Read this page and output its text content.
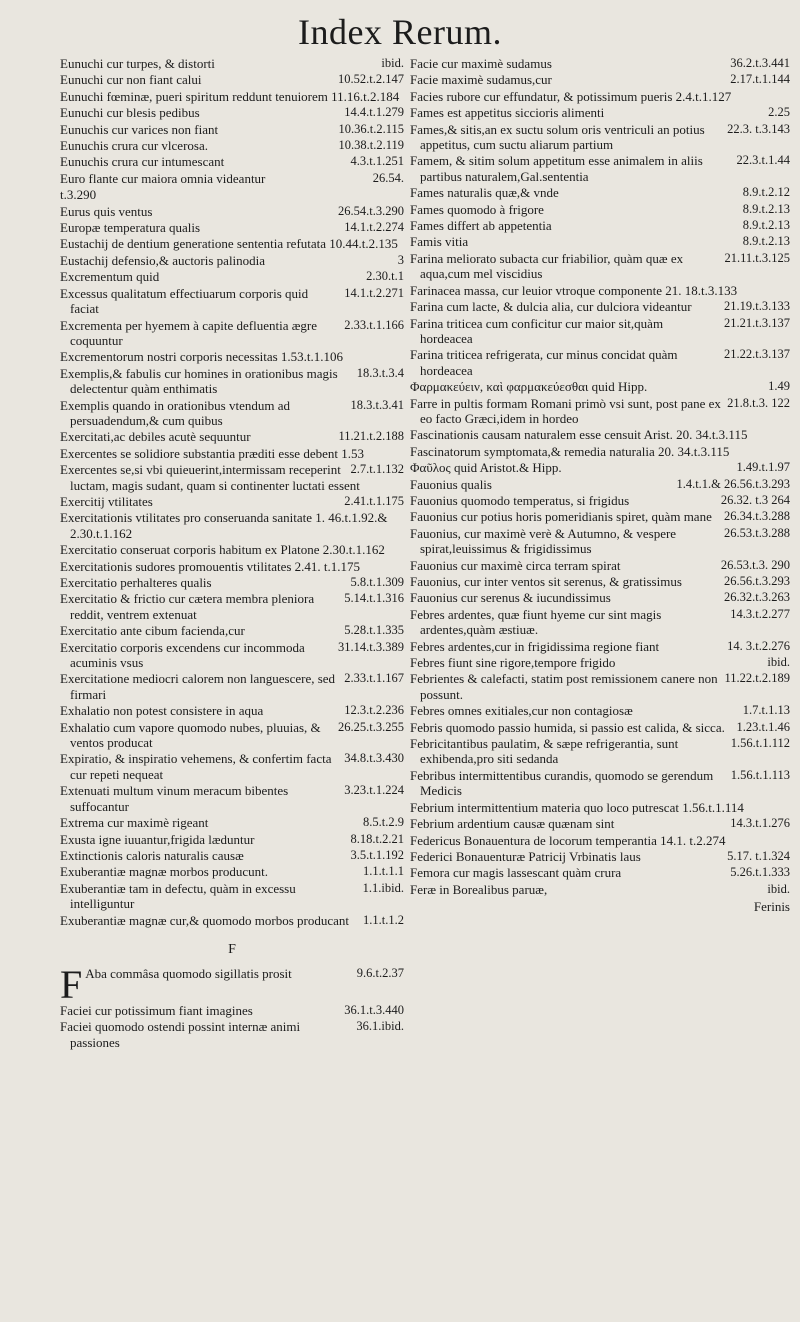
Index Rerum.
ibid.
Eunuchi cur turpes, & distorti
10.52.t.2.147
Eunuchi cur non fiant calui
Eunuchi fœminæ, pueri spiritum reddunt tenuiorem 11.16.t.2.184
14.4.t.1.279
Eunuchi cur blesis pedibus
10.36.t.2.115
Eunuchis cur varices non fiant
10.38.t.2.119
Eunuchis crura cur vlcerosa.
4.3.t.1.251
Eunuchis crura cur intumescant
26.54.
Euro flante cur maiora omnia videantur
t.3.290
26.54.t.3.290
Eurus quis ventus
14.1.t.2.274
Europæ temperatura qualis
Eustachij de dentium generatione sententia refutata 10.44.t.2.135
3
Eustachij defensio,& auctoris palinodia
2.30.t.1
Excrementum quid
14.1.t.2.271
Excessus qualitatum effectiuarum corporis quid faciat
2.33.t.1.166
Excrementa per hyemem à capite defluentia ægre coquuntur
Excrementorum nostri corporis necessitas 1.53.t.1.106
18.3.t.3.4
Exemplis,& fabulis cur homines in orationibus magis delectentur quàm enthimatis
18.3.t.3.41
Exemplis quando in orationibus vtendum ad persuadendum,& cum quibus
11.21.t.2.188
Exercitati,ac debiles acutè sequuntur
Exercentes se solidiore substantia præditi esse debent 1.53
2.7.t.1.132
Exercentes se,si vbi quieuerint,intermissam receperint luctam, magis sudant, quam si continenter luctati essent
2.41.t.1.175
Exercitij vtilitates
Exercitationis vtilitates pro conseruanda sanitate 1. 46.t.1.92.& 2.30.t.1.162
Exercitatio conseruat corporis habitum ex Platone 2.30.t.1.162
Exercitationis sudores promouentis vtilitates 2.41. t.1.175
5.8.t.1.309
Exercitatio perhalteres qualis
5.14.t.1.316
Exercitatio & frictio cur cætera membra pleniora reddit, ventrem extenuat
5.28.t.1.335
Exercitatio ante cibum facienda,cur
31.14.t.3.389
Exercitatio corporis excendens cur incommoda acuminis vsus
2.33.t.1.167
Exercitatione mediocri calorem non languescere, sed firmari
12.3.t.2.236
Exhalatio non potest consistere in aqua
26.25.t.3.255
Exhalatio cum vapore quomodo nubes, pluuias, & ventos producat
34.8.t.3.430
Expiratio, & inspiratio vehemens, & confertim facta cur repeti nequeat
3.23.t.1.224
Extenuati multum vinum meracum bibentes suffocantur
8.5.t.2.9
Extrema cur maximè rigeant
8.18.t.2.21
Exusta igne iuuantur,frigida læduntur
3.5.t.1.192
Extinctionis caloris naturalis causæ
1.1.t.1.1
Exuberantiæ magnæ morbos producunt.
1.1.ibid.
Exuberantiæ tam in defectu, quàm in excessu intelliguntur
1.1.t.1.2
Exuberantiæ magnæ cur,& quomodo morbos producant
F
F	9.6.t.2.37
Aba commâsa quomodo sigillatis prosit
36.1.t.3.440
Faciei cur potissimum fiant imagines
36.1.ibid.
Faciei quomodo ostendi possint internæ animi passiones
36.2.t.3.441
Facie cur maximè sudamus
2.17.t.1.144
Facie maximè sudamus,cur
Facies rubore cur effundatur, & potissimum pueris 2.4.t.1.127
2.25
Fames est appetitus siccioris alimenti
22.3. t.3.143
Fames,& sitis,an ex suctu solum oris ventriculi an potius appetitus, cum suctu aliarum partium
22.3.t.1.44
Famem, & sitim solum appetitum esse animalem in aliis partibus naturalem,Gal.sententia
8.9.t.2.12
Fames naturalis quæ,& vnde
8.9.t.2.13
Fames quomodo à frigore
8.9.t.2.13
Fames differt ab appetentia
8.9.t.2.13
Famis vitia
21.11.t.3.125
Farina meliorato subacta cur friabilior, quàm quæ ex aqua,cum mel viscidius
Farinacea massa, cur leuior vtroque componente 21. 18.t.3.133
21.19.t.3.133
Farina cum lacte, & dulcia alia, cur dulciora videantur
21.21.t.3.137
Farina triticea cum conficitur cur maior sit,quàm hordeacea
21.22.t.3.137
Farina triticea refrigerata, cur minus concidat quàm hordeacea
1.49
Φαρμακεύειν, καὶ φαρμακεύεσθαι quid Hipp.
21.8.t.3. 122
Farre in pultis formam Romani primò vsi sunt, post pane ex eo facto Græci,idem in hordeo
Fascinationis causam naturalem esse censuit Arist. 20. 34.t.3.115
Fascinatorum symptomata,& remedia naturalia 20. 34.t.3.115
1.49.t.1.97
Φαῦλος quid Aristot.& Hipp.
1.4.t.1.& 26.56.t.3.293
Fauonius qualis
26.32. t.3 264
Fauonius quomodo temperatus, si frigidus
26.34.t.3.288
Fauonius cur potius horis pomeridianis spiret, quàm mane
26.53.t.3.288
Fauonius, cur maximè verè & Autumno, & vespere spirat,leuissimus & frigidissimus
26.53.t.3. 290
Fauonius cur maximè circa terram spirat
26.56.t.3.293
Fauonius, cur inter ventos sit serenus, & gratissimus
26.32.t.3.263
Fauonius cur serenus & iucundissimus
14.3.t.2.277
Febres ardentes, quæ fiunt hyeme cur sint magis ardentes,quàm æstiuæ.
14. 3.t.2.276
Febres ardentes,cur in frigidissima regione fiant
ibid.
Febres fiunt sine rigore,tempore frigido
11.22.t.2.189
Febrientes & calefacti, statim post remissionem canere non possunt.
1.7.t.1.13
Febres omnes exitiales,cur non contagiosæ
1.23.t.1.46
Febris quomodo passio humida, si passio est calida, & sicca.
1.56.t.1.112
Febricitantibus paulatim, & sæpe refrigerantia, sunt exhibenda,pro siti sedanda
1.56.t.1.113
Febribus intermittentibus curandis, quomodo se gerendum Medicis
Febrium intermittentium materia quo loco putrescat 1.56.t.1.114
14.3.t.1.276
Febrium ardentium causæ quænam sint
Federicus Bonauentura de locorum temperantia 14.1. t.2.274
5.17. t.1.324
Federici Bonauenturæ Patricij Vrbinatis laus
5.26.t.1.333
Femora cur magis lassescant quàm crura
ibid.
Feræ in Borealibus paruæ,
Ferinis
